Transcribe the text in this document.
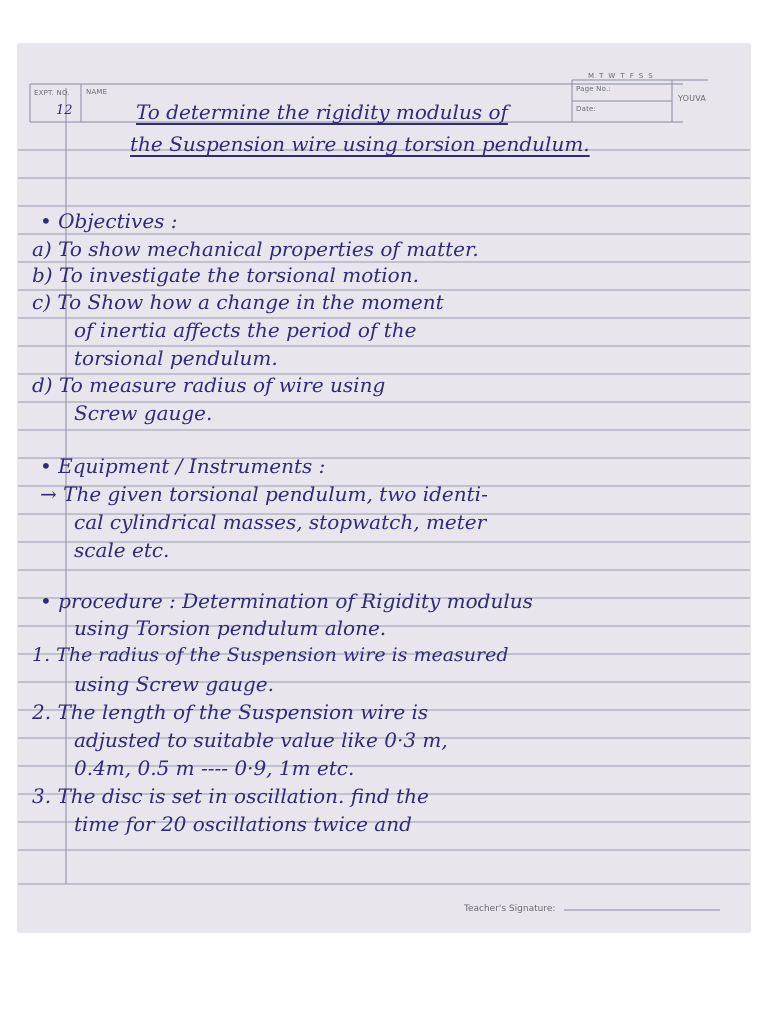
EXPT. NO.
12
NAME
M  T  W  T  F  S  S
Page No.:
Date:
YOUVA
To determine the rigidity modulus of
the Suspension wire using torsion pendulum.
• Objectives :
a) To show mechanical properties of matter.
b) To investigate the torsional motion.
c) To Show how a change in the moment
of inertia affects the period of the
torsional pendulum.
d) To measure radius of wire using
Screw gauge.
• Equipment / Instruments :
→ The given torsional pendulum, two identi-
cal cylindrical masses, stopwatch, meter
scale etc.
• procedure : Determination of Rigidity modulus
using Torsion pendulum alone.
1. The radius of the Suspension wire is measured
using Screw gauge.
2. The length of the Suspension wire is
adjusted to suitable value like 0·3 m,
0.4m, 0.5 m ---- 0·9, 1m etc.
3. The disc is set in oscillation. find the
time for 20 oscillations twice and
Teacher's Signature:
